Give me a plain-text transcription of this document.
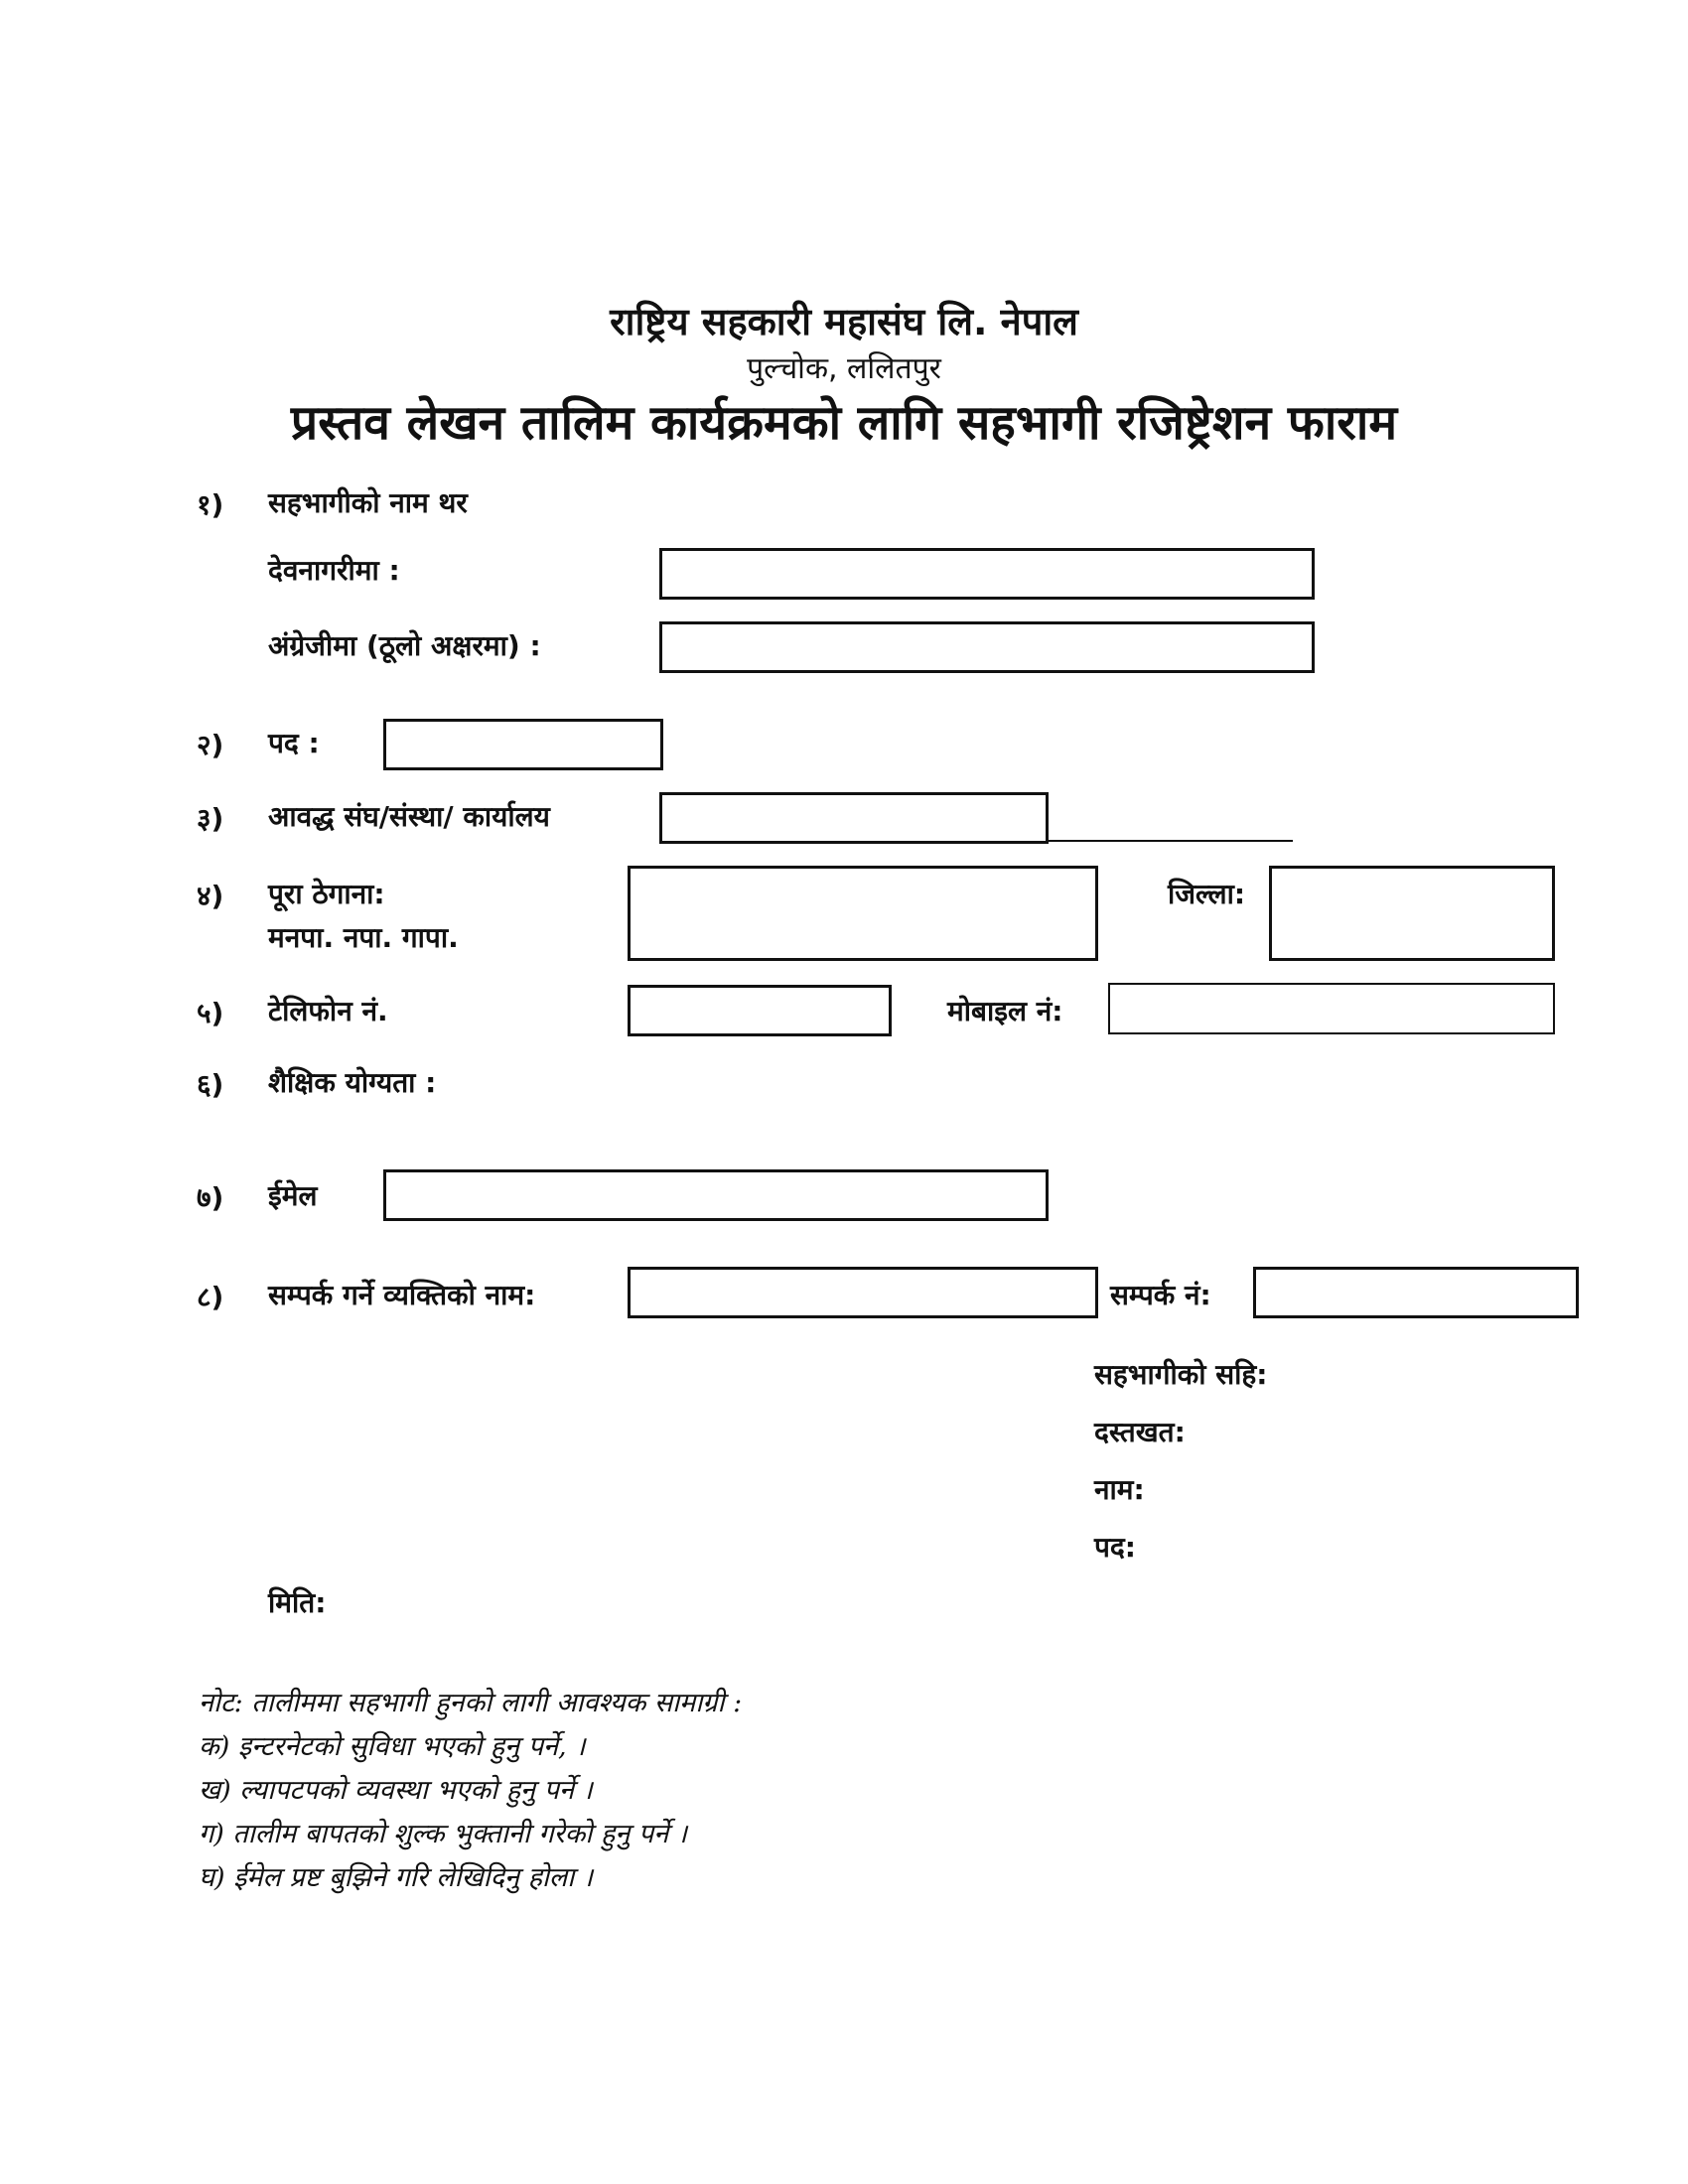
राष्ट्रिय सहकारी महासंघ लि. नेपाल
पुल्चोक, ललितपुर
प्रस्तव लेखन तालिम कार्यक्रमको लागि सहभागी रजिष्ट्रेशन फाराम
१) सहभागीको नाम थर
देवनागरीमा :
अंग्रेजीमा (ठूलो अक्षरमा) :
२) पद :
३) आवद्ध संघ/संस्था/ कार्यालय
४) पूरा ठेगाना:
मनपा. नपा. गापा.
जिल्ला:
५) टेलिफोन नं.	मोबाइल नं:
६) शैक्षिक योग्यता :
७) ईमेल
८) सम्पर्क गर्ने व्यक्तिको नाम:	सम्पर्क नं:
सहभागीको सहि:
दस्तखत:
नाम:
पद:
मिति:
नोट: तालीममा सहभागी हुनको लागी आवश्यक सामाग्री :
क) इन्टरनेटको सुविधा भएको हुनु पर्ने, ।
ख) ल्यापटपको व्यवस्था भएको हुनु पर्ने ।
ग) तालीम बापतको शुल्क भुक्तानी गरेको हुनु पर्ने ।
घ) ईमेल प्रष्ट बुझिने गरि लेखिदिनु होला ।
